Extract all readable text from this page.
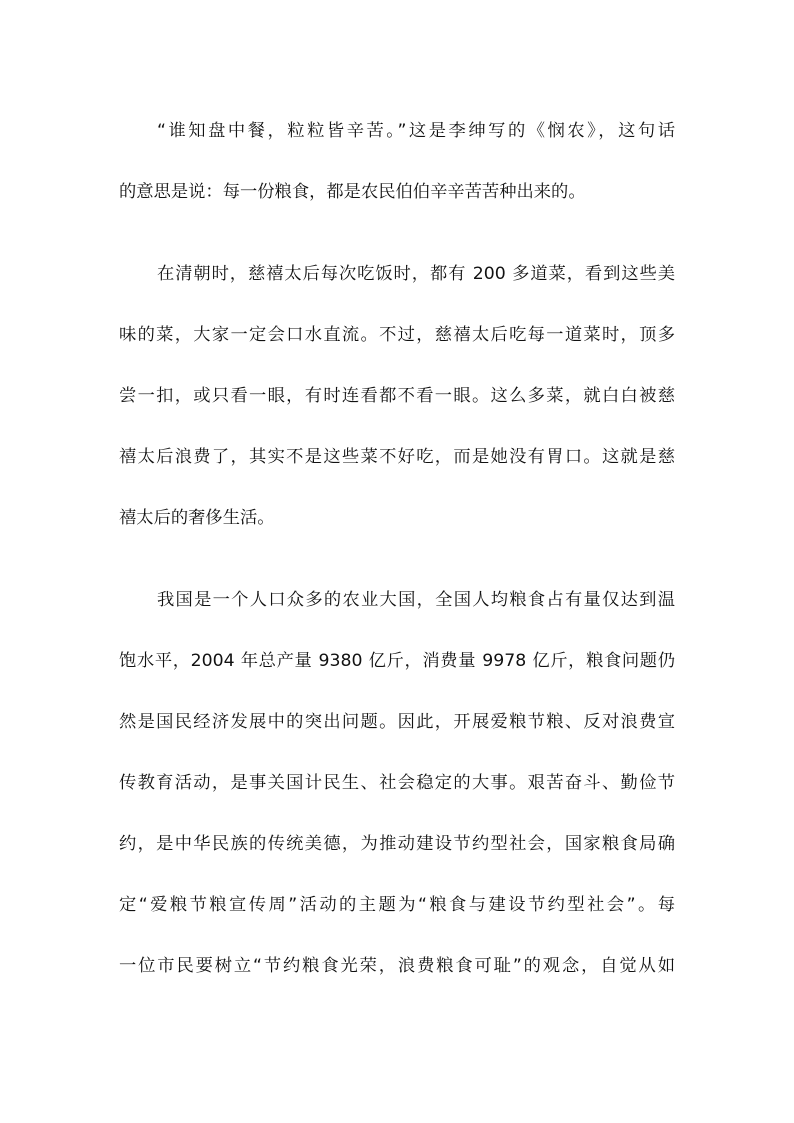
“谁知盘中餐，粒粒皆辛苦。”这是李绅写的《悯农》，这句话
的意思是说：每一份粮食，都是农民伯伯辛辛苦苦种出来的。
在清朝时，慈禧太后每次吃饭时，都有 200 多道菜，看到这些美
味的菜，大家一定会口水直流。不过，慈禧太后吃每一道菜时，顶多
尝一扣，或只看一眼，有时连看都不看一眼。这么多菜，就白白被慈
禧太后浪费了，其实不是这些菜不好吃，而是她没有胃口。这就是慈
禧太后的奢侈生活。
我国是一个人口众多的农业大国，全国人均粮食占有量仅达到温
饱水平，2004 年总产量 9380 亿斤，消费量 9978 亿斤，粮食问题仍
然是国民经济发展中的突出问题。因此，开展爱粮节粮、反对浪费宣
传教育活动，是事关国计民生、社会稳定的大事。艰苦奋斗、勤俭节
约，是中华民族的传统美德，为推动建设节约型社会，国家粮食局确
定“爱粮节粮宣传周”活动的主题为“粮食与建设节约型社会”。每
一位市民要树立“节约粮食光荣，浪费粮食可耻”的观念，自觉从如
